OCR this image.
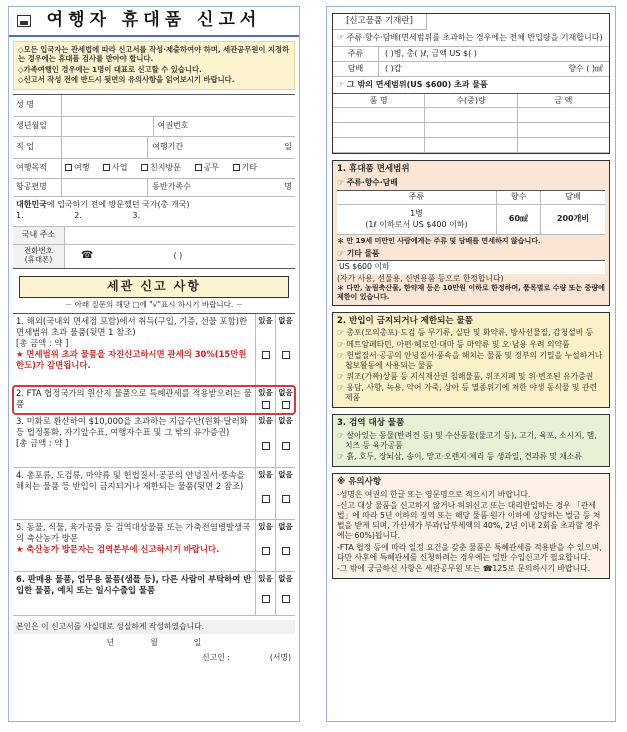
여행자 휴대품 신고서
◇모든 입국자는 관세법에 따라 신고서를 작성·제출하여야 하며, 세관공무원이 지정하는 경우에는 휴대품 검사를 받아야 합니다.
◇가족여행인 경우에는 1명이 대표로 신고할 수 있습니다.
◇신고서 작성 전에 반드시 뒷면의 유의사항을 읽어보시기 바랍니다.
성 명
생년월일	여권번호
직 업	여행기간	일
여행목적	여행	사업	친지방문	공무	기타
항공편명	동반가족수	명
대한민국에 입국하기 전에 방문했던 국가(총 개국)
1.	2.	3.
국내 주소
전화번호
(휴대폰)	☎	( )
세관 신고 사항
－ 아래 질문의 해당 □에 "√"표시 하시기 바랍니다. －
1. 해외(국내외 면세점 포함)에서 취득(구입, 기증, 선물 포함)한 면세범위 초과 물품(뒷면 1 참조)
[총 금액 : 약 ]
★ 면세범위 초과 물품을 자진신고하시면 관세의 30%(15만원 한도)가 감면됩니다.
있음 없음
2. FTA 협정국가의 원산지 물품으로 특혜관세를 적용받으려는 물품
있음 없음
3. 미화로 환산하여 $10,000을 초과하는 지급수단(원화·달러화 등 법정통화, 자기앞수표, 여행자수표 및 그 밖의 유가증권)
[총 금액 : 약 ]
있음 없음
4. 총포류, 도검류, 마약류 및 헌법질서·공공의 안녕질서·풍속을 해치는 물품 등 반입이 금지되거나 제한되는 물품(뒷면 2 참조)
있음 없음
5. 동물, 식물, 육가공품 등 검역대상물품 또는 가축전염병발생국의 축산농가 방문
★ 축산농가 방문자는 검역본부에 신고하시기 바랍니다.
있음 없음
6. 판매용 물품, 업무용 물품(샘플 등), 다른 사람이 부탁하여 반입한 물품, 예치 또는 일시수출입 물품
있음 없음
본인은 이 신고서를 사실대로 성실하게 작성하였습니다.
년	월	일
신고인 :	(서명)
[신고물품 기재란]
☞ 주류·향수·담배(면세범위를 초과하는 경우에는 전체 반입량을 기재합니다)
주류	( )병, 총( )ℓ, 금액 US $( )
담배	( )갑	향수 ( )㎖
☞ 그 밖의 면세범위(US $600) 초과 물품
품 명	수(중)량	금 액
1. 휴대품 면세범위
☞ 주류·향수·담배
주류	향수	담배
1병
(1ℓ 이하로서 US $400 이하)
60㎖	200개비
＊ 만 19세 미만인 사람에게는 주류 및 담배를 면세하지 않습니다.
☞ 기타 물품
US $600 이하
(자가 사용, 선물용, 신변용품 등으로 한정합니다)
＊ 다만, 농림축산물, 한약재 등은 10만원 이하로 한정하며, 품목별로 수량 또는 중량에 제한이 있습니다.
2. 반입이 금지되거나 제한되는 물품
☞ 총포(모의총포)·도검 등 무기류, 실탄 및 화약류, 방사선물질, 감청설비 등
☞ 메트암페타민, 아편·헤로인·대마 등 마약류 및 오·남용 우려 의약품
☞ 헌법질서·공공의 안녕질서·풍속을 해치는 물품 및 정부의 기밀을 누설하거나 첩보활동에 사용되는 물품
☞ 위조(가짜)상품 등 지식재산권 침해물품, 위조지폐 및 위·변조된 유가증권
☞ 웅담, 사향, 녹용, 악어 가죽, 상아 등 멸종위기에 처한 야생 동식물 및 관련 제품
3. 검역 대상 물품
☞ 살아있는 동물(반려견 등) 및 수산동물(물고기 등), 고기, 육포, 소시지, 햄, 치즈 등 육가공품
☞ 흙, 호두, 장뇌삼, 송이, 망고·오렌지·체리 등 생과일, 견과류 및 채소류
※ 유의사항
-성명은 여권의 한글 또는 영문명으로 적으시기 바랍니다.
-신고 대상 물품을 신고하지 않거나 허위신고 또는 대리반입하는 경우 「관세법」에 따라 5년 이하의 징역 또는 해당 물품 원가 이하에 상당하는 벌금 등 처벌을 받게 되며, 가산세가 부과(납부세액의 40%, 2년 이내 2회를 초과할 경우에는 60%)됩니다.
-FTA 협정 등에 따라 일정 요건을 갖춘 물품은 특혜관세를 적용받을 수 있으며, 다만 사후에 특혜관세를 신청하려는 경우에는 일반 수입신고가 필요합니다.
-그 밖에 궁금하신 사항은 세관공무원 또는 ☎125로 문의하시기 바랍니다.
